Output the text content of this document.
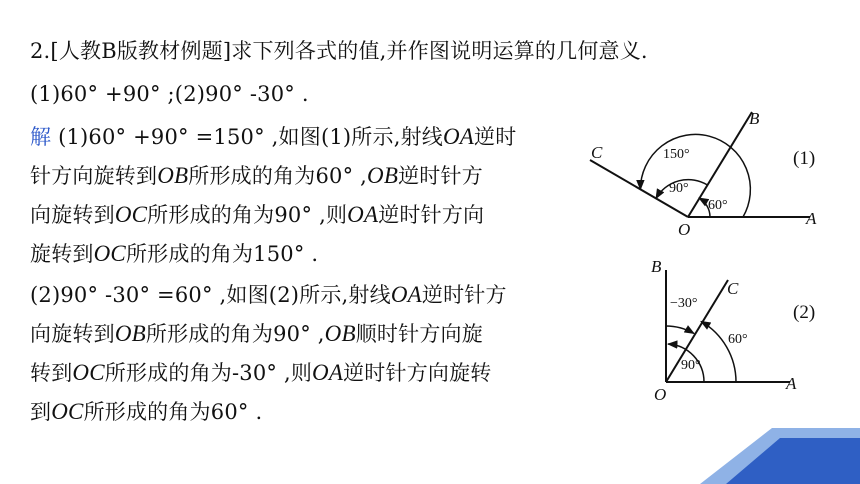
2.[人教B版教材例题]求下列各式的值,并作图说明运算的几何意义.
(1)60° +90° ;(2)90° -30° .
解 (1)60° +90° =150° ,如图(1)所示,射线OA逆时
针方向旋转到OB所形成的角为60° ,OB逆时针方
向旋转到OC所形成的角为90° ,则OA逆时针方向
旋转到OC所形成的角为150° .
(2)90° -30° =60° ,如图(2)所示,射线OA逆时针方
向旋转到OB所形成的角为90° ,OB顺时针方向旋
转到OC所形成的角为-30° ,则OA逆时针方向旋转
到OC所形成的角为60° .
B
C
A
O
150°
90°
60°
(1)
B
C
A
O
−30°
60°
90°
(2)
